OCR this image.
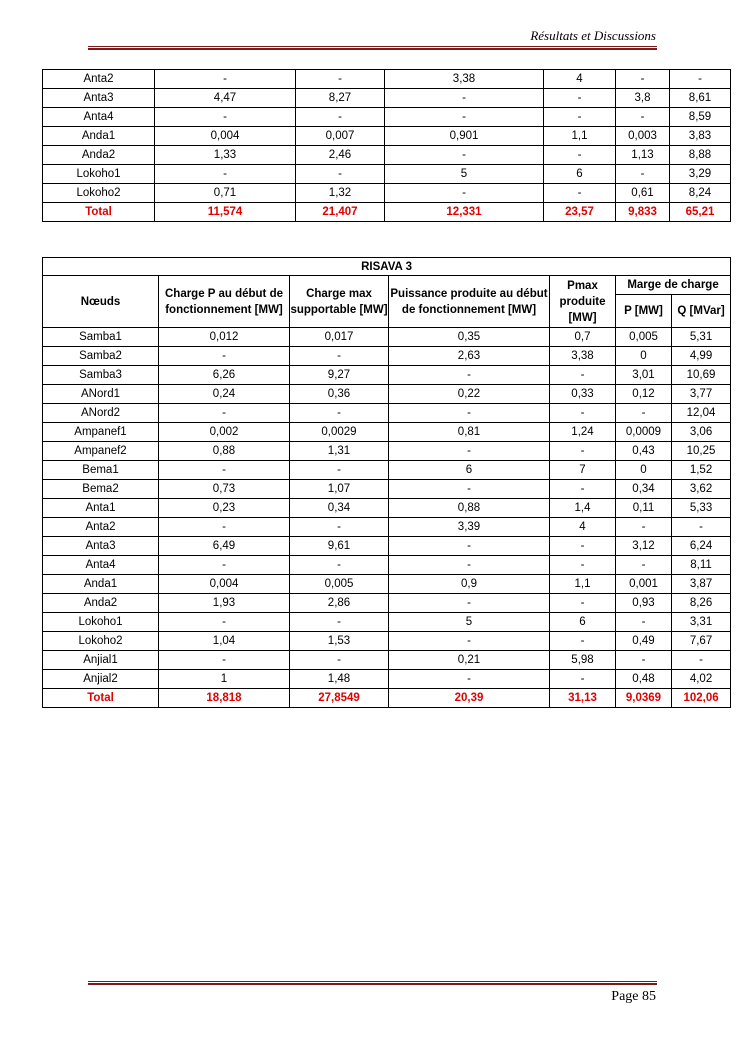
Résultats et Discussions
Anta2	-	-	3,38	4	-	-
Anta3	4,47	8,27	-	-	3,8	8,61
Anta4	-	-	-	-	-	8,59
Anda1	0,004	0,007	0,901	1,1	0,003	3,83
Anda2	1,33	2,46	-	-	1,13	8,88
Lokoho1	-	-	5	6	-	3,29
Lokoho2	0,71	1,32	-	-	0,61	8,24
Total	11,574	21,407	12,331	23,57	9,833	65,21
RISAVA 3						
Nœuds	Charge P au début de fonctionnement [MW]	Charge max supportable [MW]	Puissance produite au début de fonctionnement [MW]	Pmax produite [MW]	Marge de charge	
					P [MW]	Q [MVar]
Samba1	0,012	0,017	0,35	0,7	0,005	5,31
Samba2	-	-	2,63	3,38	0	4,99
Samba3	6,26	9,27	-	-	3,01	10,69
ANord1	0,24	0,36	0,22	0,33	0,12	3,77
ANord2	-	-	-	-	-	12,04
Ampanef1	0,002	0,0029	0,81	1,24	0,0009	3,06
Ampanef2	0,88	1,31	-	-	0,43	10,25
Bema1	-	-	6	7	0	1,52
Bema2	0,73	1,07	-	-	0,34	3,62
Anta1	0,23	0,34	0,88	1,4	0,11	5,33
Anta2	-	-	3,39	4	-	-
Anta3	6,49	9,61	-	-	3,12	6,24
Anta4	-	-	-	-	-	8,11
Anda1	0,004	0,005	0,9	1,1	0,001	3,87
Anda2	1,93	2,86	-	-	0,93	8,26
Lokoho1	-	-	5	6	-	3,31
Lokoho2	1,04	1,53	-	-	0,49	7,67
Anjial1	-	-	0,21	5,98	-	-
Anjial2	1	1,48	-	-	0,48	4,02
Total	18,818	27,8549	20,39	31,13	9,0369	102,06
Page 85
